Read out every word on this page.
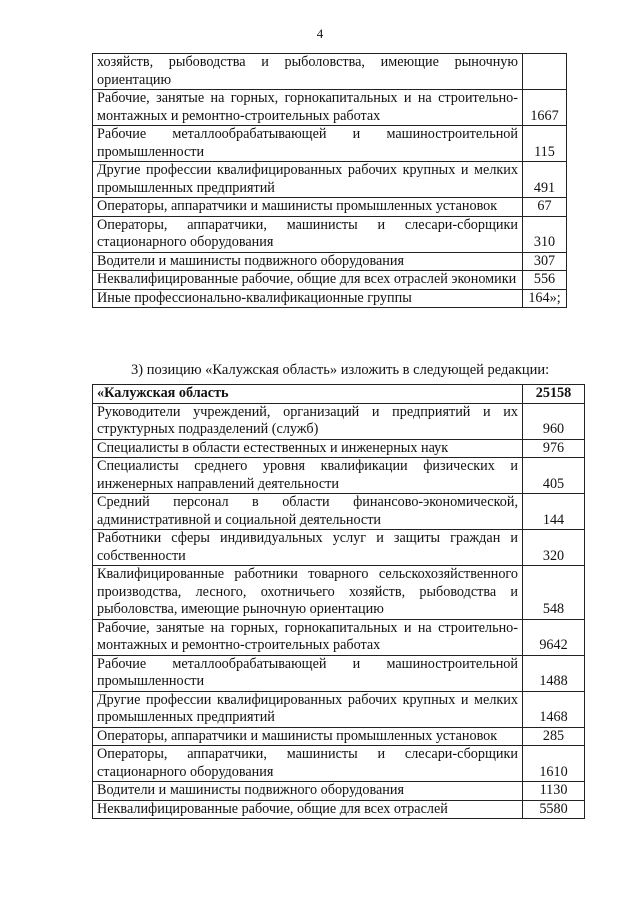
4
хозяйств, рыбоводства и рыболовства, имеющие рыночную ориентацию	
Рабочие, занятые на горных, горнокапитальных и на строительно-монтажных и ремонтно-строительных работах	1667
Рабочие металлообрабатывающей и машиностроительной промышленности	115
Другие профессии квалифицированных рабочих крупных и мелких промышленных предприятий	491
Операторы, аппаратчики и машинисты промышленных установок	67
Операторы, аппаратчики, машинисты и слесари-сборщики стационарного оборудования	310
Водители и машинисты подвижного оборудования	307
Неквалифицированные рабочие, общие для всех отраслей экономики	556
Иные профессионально-квалификационные группы	164»;
3) позицию «Калужская область» изложить в следующей редакции:
«Калужская область	25158
Руководители учреждений, организаций и предприятий и их структурных подразделений (служб)	960
Специалисты в области естественных и инженерных наук	976
Специалисты среднего уровня квалификации физических и инженерных направлений деятельности	405
Средний персонал в области финансово-экономической, административной и социальной деятельности	144
Работники сферы индивидуальных услуг и защиты граждан и собственности	320
Квалифицированные работники товарного сельскохозяйственного производства, лесного, охотничьего хозяйств, рыбоводства и рыболовства, имеющие рыночную ориентацию	548
Рабочие, занятые на горных, горнокапитальных и на строительно-монтажных и ремонтно-строительных работах	9642
Рабочие металлообрабатывающей и машиностроительной промышленности	1488
Другие профессии квалифицированных рабочих крупных и мелких промышленных предприятий	1468
Операторы, аппаратчики и машинисты промышленных установок	285
Операторы, аппаратчики, машинисты и слесари-сборщики стационарного оборудования	1610
Водители и машинисты подвижного оборудования	1130
Неквалифицированные рабочие, общие для всех отраслей	5580
